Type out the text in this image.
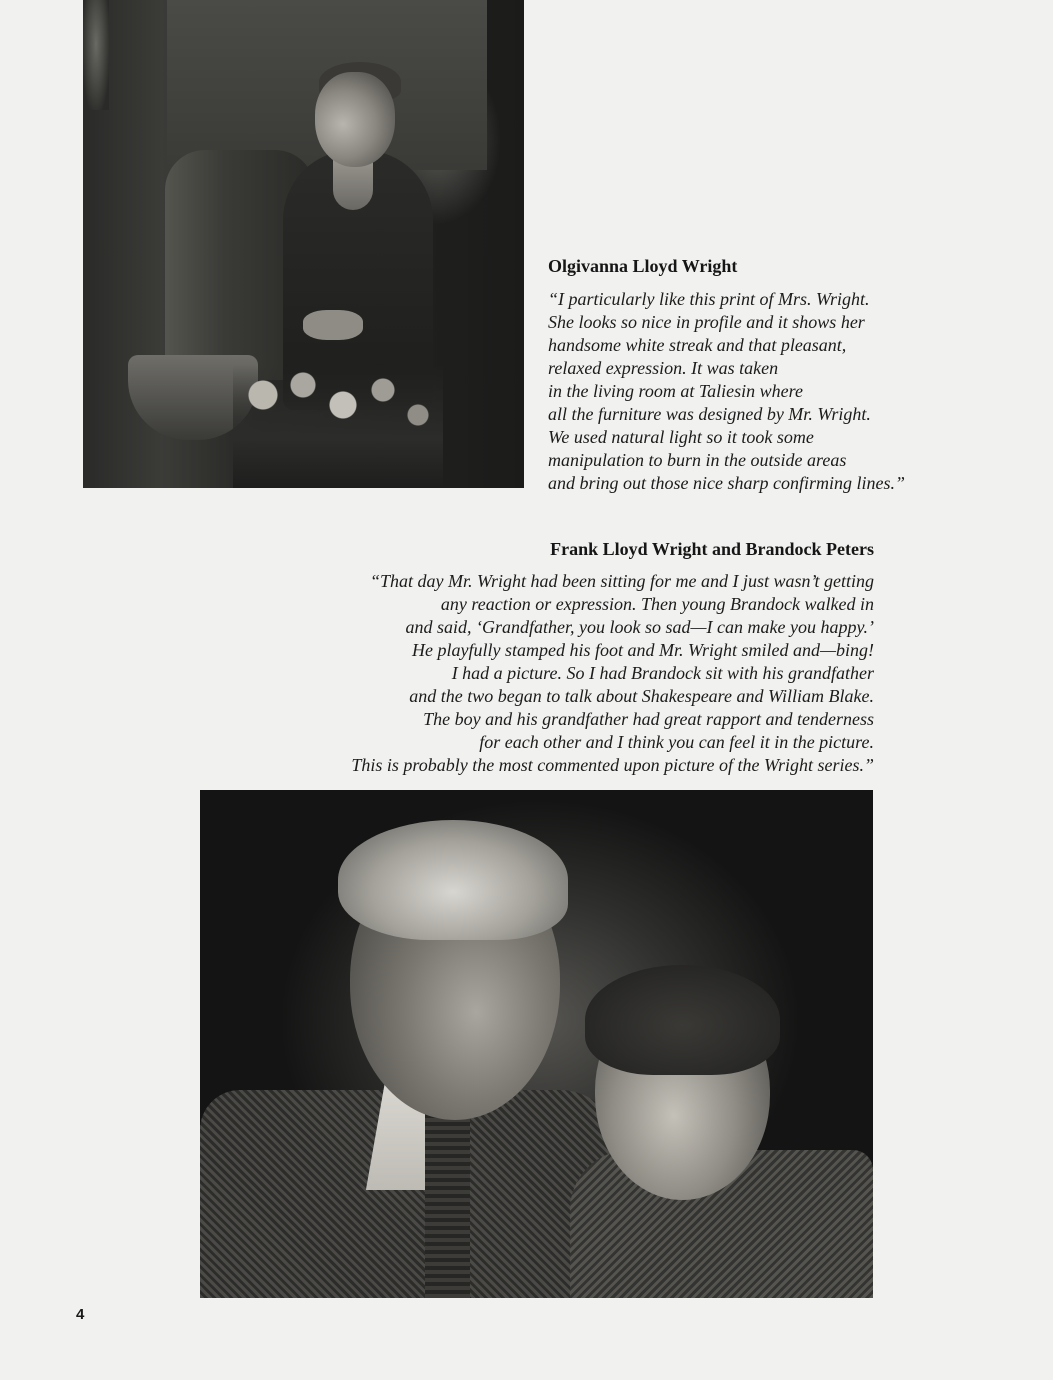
Olgivanna Lloyd Wright

“I particularly like this print of Mrs. Wright.
She looks so nice in profile and it shows her
handsome white streak and that pleasant,
relaxed expression. It was taken
in the living room at Taliesin where
all the furniture was designed by Mr. Wright.
We used natural light so it took some
manipulation to burn in the outside areas
and bring out those nice sharp confirming lines.”

Frank Lloyd Wright and Brandock Peters

“That day Mr. Wright had been sitting for me and I just wasn’t getting
any reaction or expression. Then young Brandock walked in
and said, ‘Grandfather, you look so sad—I can make you happy.’
He playfully stamped his foot and Mr. Wright smiled and—bing!
I had a picture. So I had Brandock sit with his grandfather
and the two began to talk about Shakespeare and William Blake.
The boy and his grandfather had great rapport and tenderness
for each other and I think you can feel it in the picture.
This is probably the most commented upon picture of the Wright series.”

4
